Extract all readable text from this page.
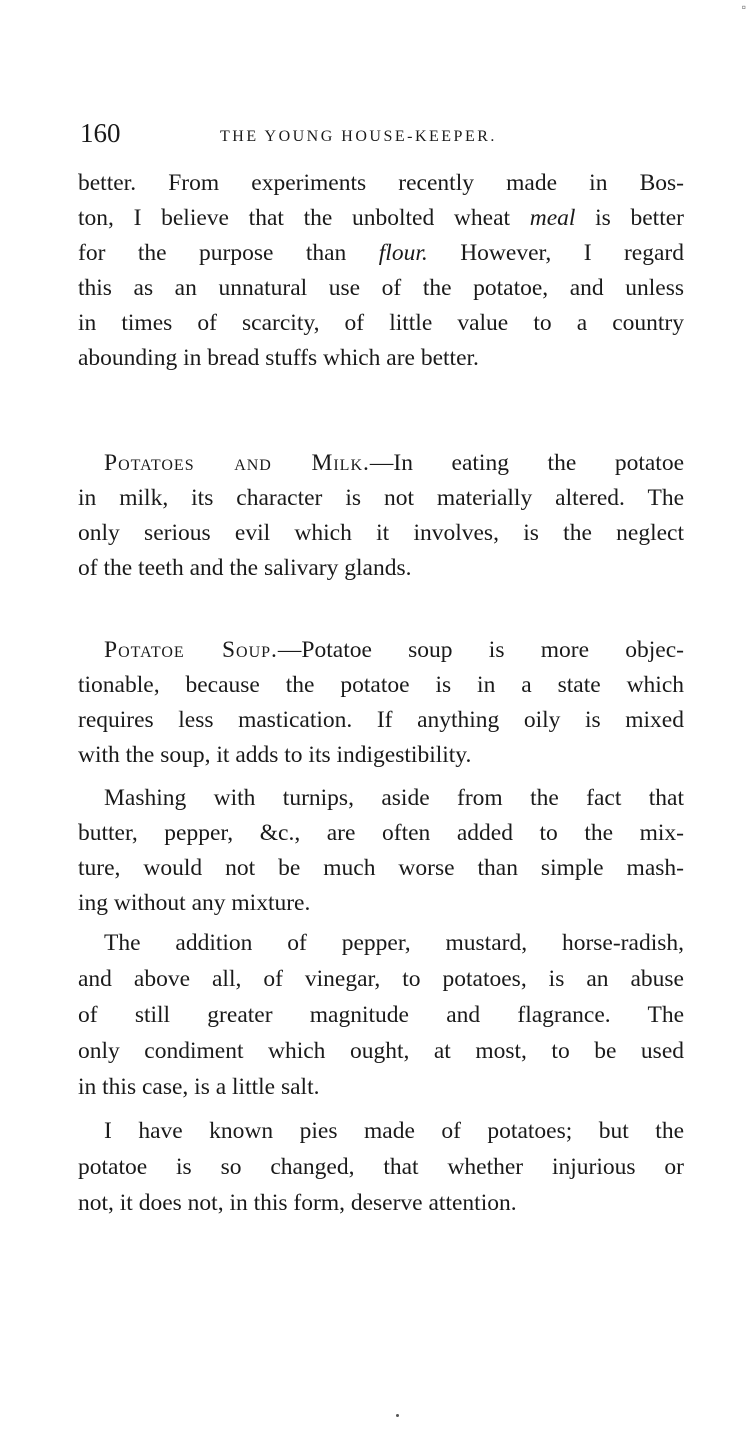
▫
160	THE YOUNG HOUSE-KEEPER.
better. From experiments recently made in Bos-
ton, I believe that the unbolted wheat meal is better
for the purpose than flour. However, I regard
this as an unnatural use of the potatoe, and unless
in times of scarcity, of little value to a country
abounding in bread stuffs which are better.
Potatoes and Milk.—In eating the potatoe
in milk, its character is not materially altered. The
only serious evil which it involves, is the neglect
of the teeth and the salivary glands.
Potatoe Soup.—Potatoe soup is more objec-
tionable, because the potatoe is in a state which
requires less mastication. If anything oily is mixed
with the soup, it adds to its indigestibility.
Mashing with turnips, aside from the fact that
butter, pepper, &c., are often added to the mix-
ture, would not be much worse than simple mash-
ing without any mixture.
The addition of pepper, mustard, horse-radish,
and above all, of vinegar, to potatoes, is an abuse
of still greater magnitude and flagrance. The
only condiment which ought, at most, to be used
in this case, is a little salt.
I have known pies made of potatoes; but the
potatoe is so changed, that whether injurious or
not, it does not, in this form, deserve attention.
